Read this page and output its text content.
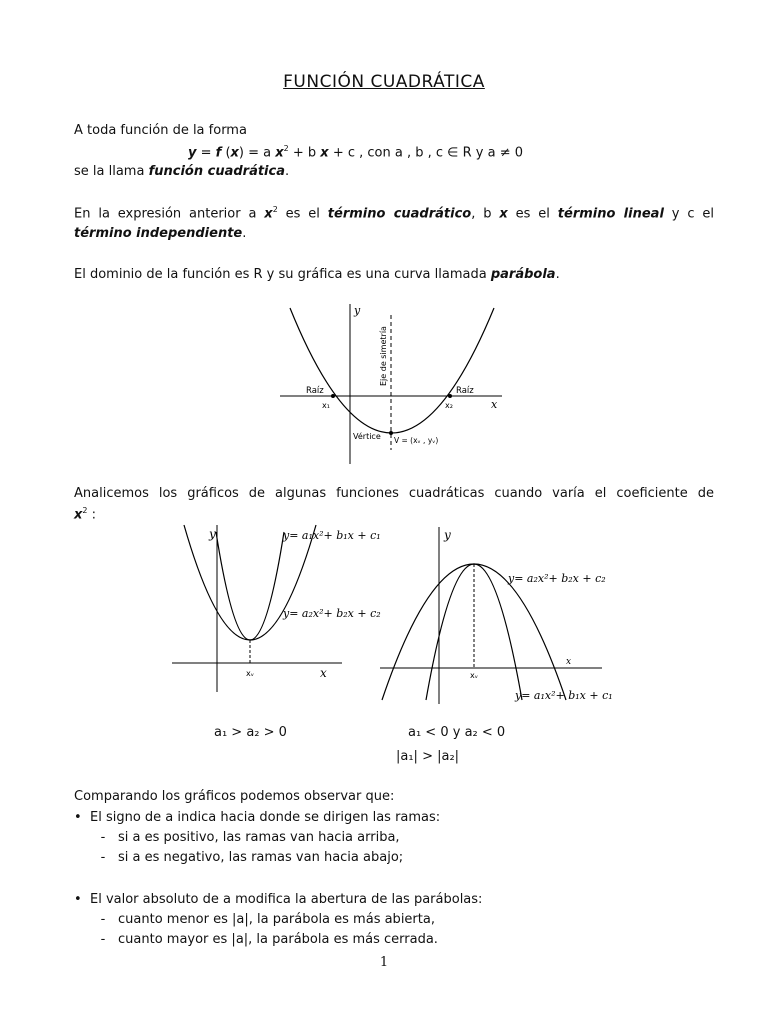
FUNCIÓN CUADRÁTICA
A toda función de la forma
y = f (x) = a $x^2 + b$ x + c , con a , b , c ∈ R y a ≠ 0
se la llama función cuadrática.
En la expresión anterior a $x^2$ es el término cuadrático, b x es el término lineal y c el
término independiente.
El dominio de la función es R y su gráfica es una curva llamada parábola.
y
x
Eje de simetría
Raíz	Raíz
x₁	x₂
Vértice V = (xᵥ , yᵥ)
Analicemos los gráficos de algunas funciones cuadráticas cuando varía el coeficiente de
$x^2$ :
y
x
xᵥ
y= a₁x²+ b₁x + c₁
y= a₂x²+ b₂x + c₂
y
x
xᵥ
y= a₂x²+ b₂x + c₂
y= a₁x²+ b₁x + c₁
a₁ > a₂ > 0	a₁ < 0 y a₂ < 0
|a₁| > |a₂|
Comparando los gráficos podemos observar que:
• El signo de a indica hacia donde se dirigen las ramas:
- si a es positivo, las ramas van hacia arriba,
- si a es negativo, las ramas van hacia abajo;
• El valor absoluto de a modifica la abertura de las parábolas:
- cuanto menor es |a|, la parábola es más abierta,
- cuanto mayor es |a|, la parábola es más cerrada.
1
